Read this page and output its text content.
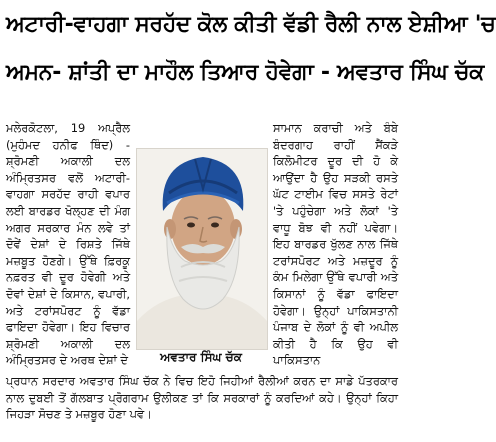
ਅਟਾਰੀ-ਵਾਹਗਾ ਸਰਹੱਦ ਕੋਲ ਕੀਤੀ ਵੱਡੀ ਰੈਲੀ ਨਾਲ ਏਸ਼ੀਆ 'ਚ
ਅਮਨ- ਸ਼ਾਂਤੀ ਦਾ ਮਾਹੌਲ ਤਿਆਰ ਹੋਵੇਗਾ - ਅਵਤਾਰ ਸਿੰਘ ਚੱਕ

ਮਲੇਰਕੋਟਲਾ, 19 ਅਪ੍ਰੈਲ (ਮੁਹੰਮਦ ਹਨੀਫ ਥਿੰਦ) - ਸ਼੍ਰੋਮਣੀ ਅਕਾਲੀ ਦਲ ਅੰਮ੍ਰਿਤਸਰ ਵਲੋਂ ਅਟਾਰੀ-ਵਾਹਗਾ ਸਰਹੱਦ ਰਾਹੀ ਵਪਾਰ ਲਈ ਬਾਰਡਰ ਖੋਲ੍ਹਣ ਦੀ ਮੰਗ ਅਗਰ ਸਰਕਾਰ ਮੰਨ ਲਵੇ ਤਾਂ ਦੋਵੇਂ ਦੇਸ਼ਾਂ ਦੇ ਰਿਸ਼ਤੇ ਜਿੱਥੇ ਮਜ਼ਬੂਤ ਹੋਣਗੇ। ਉੱਥੇ ਫ਼ਿਰਕੂ ਨਫ਼ਰਤ ਵੀ ਦੂਰ ਹੋਵੇਗੀ ਅਤੇ ਦੋਵਾਂ ਦੇਸ਼ਾਂ ਦੇ ਕਿਸਾਨ, ਵਪਾਰੀ, ਅਤੇ ਟਰਾਂਸਪੋਰਟ ਨੂੰ ਵੱਡਾ ਫਾਇਦਾ ਹੋਵੇਗਾ। ਇਹ ਵਿਚਾਰ ਸ਼੍ਰੋਮਣੀ ਅਕਾਲੀ ਦਲ ਅੰਮ੍ਰਿਤਸਰ ਦੇ ਅਰਥ ਦੇਸ਼ਾਂ ਦੇ	ਅਵਤਾਰ ਸਿੰਘ ਚੱਕ

ਸਾਮਾਨ ਕਰਾਚੀ ਅਤੇ ਬੰਬੇ ਬੰਦਰਗਾਹ ਰਾਹੀਂ ਸੈਂਕੜੇ ਕਿਲੋਮੀਟਰ ਦੂਰ ਦੀ ਹੋ ਕੇ ਆਉਂਦਾ ਹੈ ਉਹ ਸੜਕੀ ਰਸਤੇ ਘੱਟ ਟਾਈਮ ਵਿਚ ਸਸਤੇ ਰੇਟਾਂ 'ਤੇ ਪਹੁੰਚੇਗਾ ਅਤੇ ਲੋਕਾਂ 'ਤੇ ਵਾਧੂ ਬੋਝ ਵੀ ਨਹੀਂ ਪਵੇਗਾ। ਇਹ ਬਾਰਡਰ ਖੁੱਲਣ ਨਾਲ ਜਿੱਥੇ ਟਰਾਂਸਪੋਰਟ ਅਤੇ ਮਜ਼ਦੂਰ ਨੂੰ ਕੰਮ ਮਿਲੇਗਾ ਉੱਥੇ ਵਪਾਰੀ ਅਤੇ ਕਿਸਾਨਾਂ ਨੂੰ ਵੱਡਾ ਫਾਇਦਾ ਹੋਵੇਗਾ। ਉਨ੍ਹਾਂ ਪਾਕਿਸਤਾਨੀ ਪੰਜਾਬ ਦੇ ਲੋਕਾਂ ਨੂੰ ਵੀ ਅਪੀਲ ਕੀਤੀ ਹੈ ਕਿ ਉਹ ਵੀ ਪਾਕਿਸਤਾਨ

ਪ੍ਰਧਾਨ ਸਰਦਾਰ ਅਵਤਾਰ ਸਿੰਘ ਚੱਕ ਨੇ ਵਿਚ ਇਹੋ ਜਿਹੀਆਂ ਰੈਲੀਆਂ ਕਰਨ ਦਾ ਸਾਡੇ ਪੱਤਰਕਾਰ ਨਾਲ ਦੁਬਈ ਤੋਂ ਗੱਲਬਾਤ ਪ੍ਰੋਗਰਾਮ ਉਲੀਕਣ ਤਾਂ ਕਿ ਸਰਕਾਰਾਂ ਨੂੰ ਕਰਦਿਆਂ ਕਹੇ। ਉਨ੍ਹਾਂ ਕਿਹਾ ਜਿਹੜਾ ਸੋਚਣ ਤੇ ਮਜ਼ਬੂਰ ਹੋਣਾ ਪਵੇ।
